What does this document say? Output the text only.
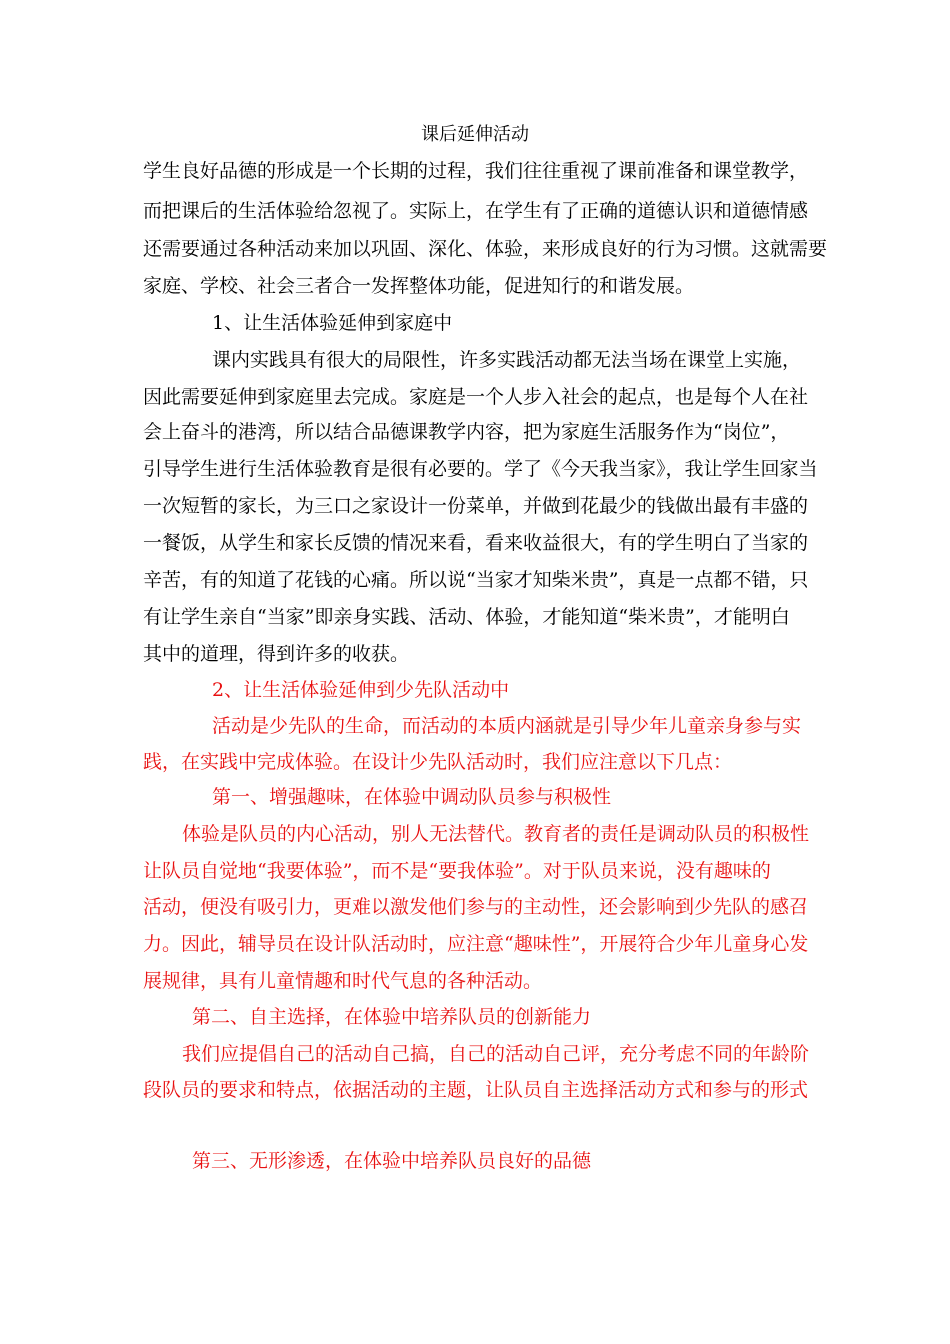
课后延伸活动
学生良好品德的形成是一个长期的过程，我们往往重视了课前准备和课堂教学，
而把课后的生活体验给忽视了。实际上，在学生有了正确的道德认识和道德情感
还需要通过各种活动来加以巩固、深化、体验，来形成良好的行为习惯。这就需要
家庭、学校、社会三者合一发挥整体功能，促进知行的和谐发展。
1、让生活体验延伸到家庭中
课内实践具有很大的局限性，许多实践活动都无法当场在课堂上实施，
因此需要延伸到家庭里去完成。家庭是一个人步入社会的起点，也是每个人在社
会上奋斗的港湾，所以结合品德课教学内容，把为家庭生活服务作为“岗位”，
引导学生进行生活体验教育是很有必要的。学了《今天我当家》，我让学生回家当
一次短暂的家长，为三口之家设计一份菜单，并做到花最少的钱做出最有丰盛的
一餐饭，从学生和家长反馈的情况来看，看来收益很大，有的学生明白了当家的
辛苦，有的知道了花钱的心痛。所以说“当家才知柴米贵”，真是一点都不错，只
有让学生亲自“当家”即亲身实践、活动、体验，才能知道“柴米贵”，才能明白
其中的道理，得到许多的收获。
2、让生活体验延伸到少先队活动中
活动是少先队的生命，而活动的本质内涵就是引导少年儿童亲身参与实
践，在实践中完成体验。在设计少先队活动时，我们应注意以下几点：
第一、增强趣味，在体验中调动队员参与积极性
体验是队员的内心活动，别人无法替代。教育者的责任是调动队员的积极性
让队员自觉地“我要体验”，而不是“要我体验”。对于队员来说，没有趣味的
活动，便没有吸引力，更难以激发他们参与的主动性，还会影响到少先队的感召
力。因此，辅导员在设计队活动时，应注意“趣味性”，开展符合少年儿童身心发
展规律，具有儿童情趣和时代气息的各种活动。
第二、自主选择，在体验中培养队员的创新能力
我们应提倡自己的活动自己搞，自己的活动自己评，充分考虑不同的年龄阶
段队员的要求和特点，依据活动的主题，让队员自主选择活动方式和参与的形式
第三、无形渗透，在体验中培养队员良好的品德
